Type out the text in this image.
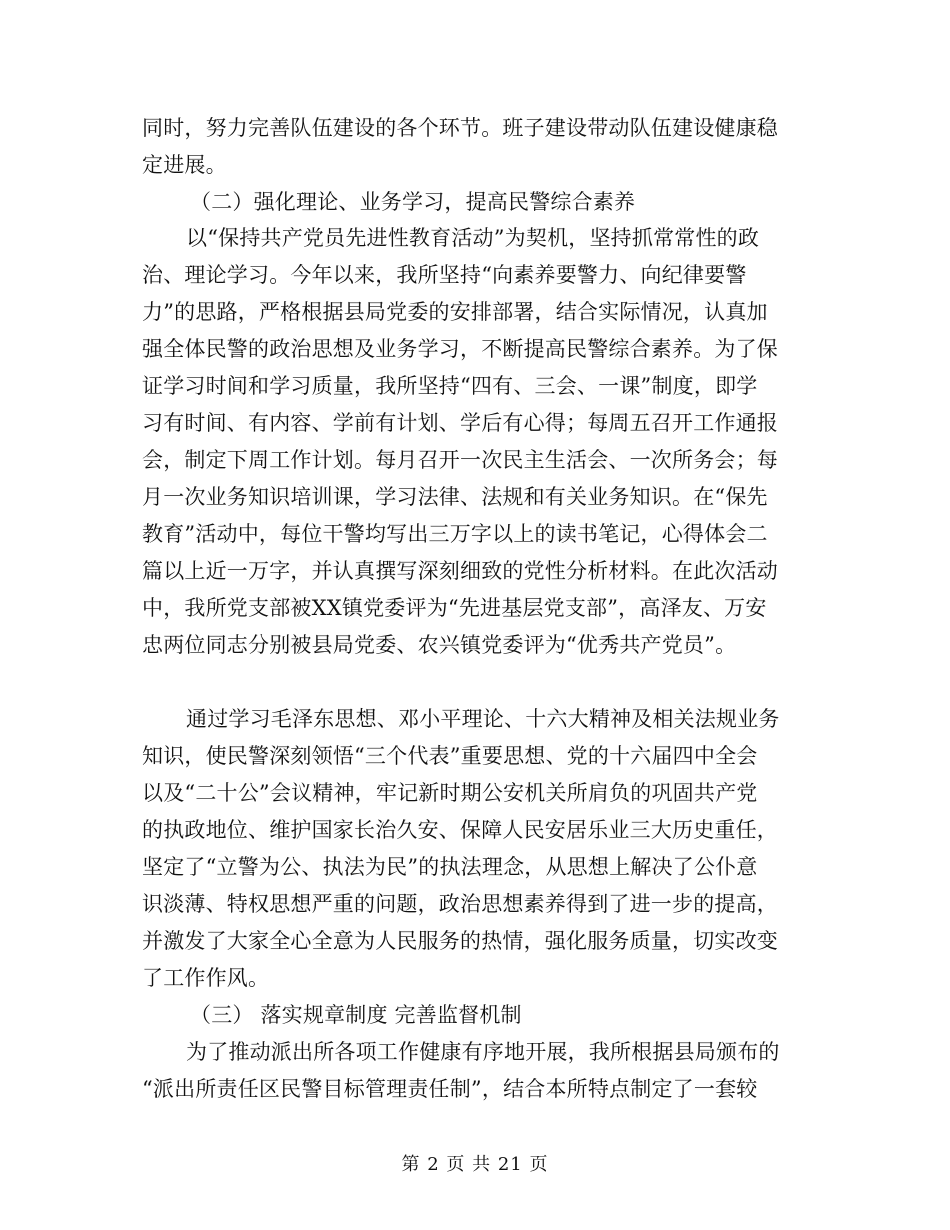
同时，努力完善队伍建设的各个环节。班子建设带动队伍建设健康稳
定进展。
（二）强化理论、业务学习，提高民警综合素养
以“保持共产党员先进性教育活动”为契机，坚持抓常常性的政
治、理论学习。今年以来，我所坚持“向素养要警力、向纪律要警
力”的思路，严格根据县局党委的安排部署，结合实际情况，认真加
强全体民警的政治思想及业务学习，不断提高民警综合素养。为了保
证学习时间和学习质量，我所坚持“四有、三会、一课”制度，即学
习有时间、有内容、学前有计划、学后有心得；每周五召开工作通报
会，制定下周工作计划。每月召开一次民主生活会、一次所务会；每
月一次业务知识培训课，学习法律、法规和有关业务知识。在“保先
教育”活动中，每位干警均写出三万字以上的读书笔记，心得体会二
篇以上近一万字，并认真撰写深刻细致的党性分析材料。在此次活动
中，我所党支部被XX镇党委评为“先进基层党支部”，高泽友、万安
忠两位同志分别被县局党委、农兴镇党委评为“优秀共产党员”。
通过学习毛泽东思想、邓小平理论、十六大精神及相关法规业务
知识，使民警深刻领悟“三个代表”重要思想、党的十六届四中全会
以及“二十公”会议精神，牢记新时期公安机关所肩负的巩固共产党
的执政地位、维护国家长治久安、保障人民安居乐业三大历史重任，
坚定了“立警为公、执法为民”的执法理念，从思想上解决了公仆意
识淡薄、特权思想严重的问题，政治思想素养得到了进一步的提高，
并激发了大家全心全意为人民服务的热情，强化服务质量，切实改变
了工作作风。
（三） 落实规章制度 完善监督机制
为了推动派出所各项工作健康有序地开展，我所根据县局颁布的
“派出所责任区民警目标管理责任制”，结合本所特点制定了一套较
第 2 页 共 21 页
